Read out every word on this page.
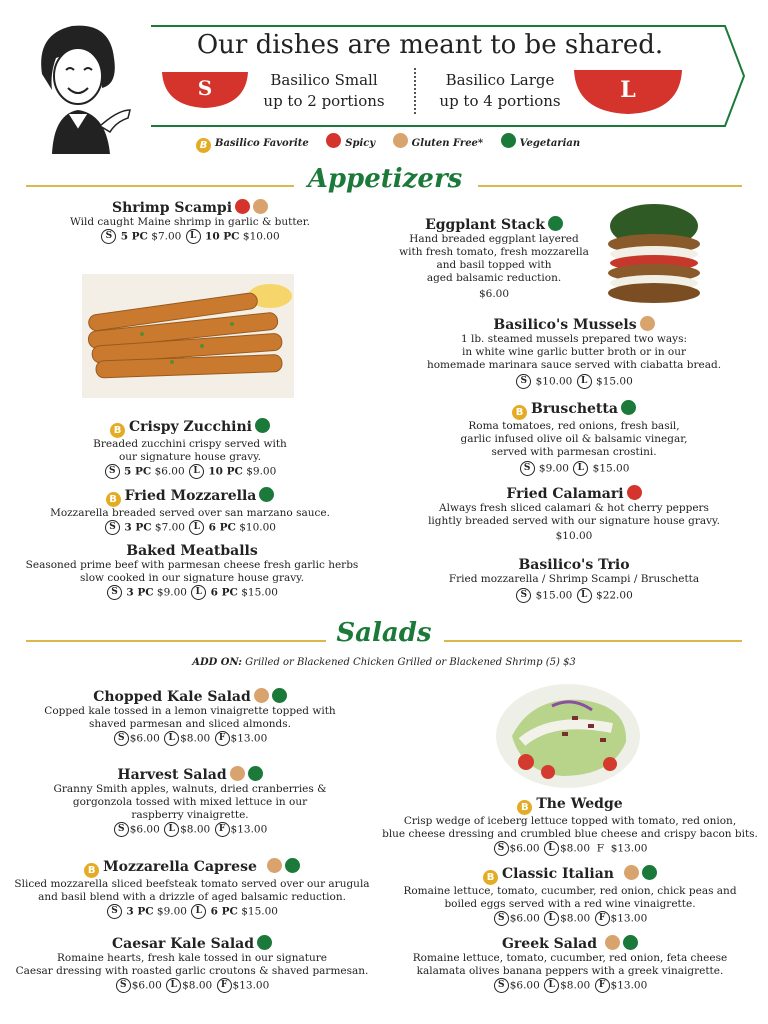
Our dishes are meant to be shared.
S	Basilico Small
up to 2 portions
Basilico Large
up to 4 portions	L
B Basilico Favorite	Spicy	Gluten Free*	Vegetarian
Appetizers
Shrimp Scampi
Wild caught Maine shrimp in garlic & butter.
S 5 PC $7.00 L 10 PC $10.00
B Crispy Zucchini
Breaded zucchini crispy served with
our signature house gravy.
S 5 PC $6.00 L 10 PC $9.00
B Fried Mozzarella
Mozzarella breaded served over san marzano sauce.
S 3 PC $7.00 L 6 PC $10.00
Baked Meatballs
Seasoned prime beef with parmesan cheese fresh garlic herbs
slow cooked in our signature house gravy.
S 3 PC $9.00 L 6 PC $15.00
Eggplant Stack
Hand breaded eggplant layered
with fresh tomato, fresh mozzarella
and basil topped with
aged balsamic reduction.
$6.00
Basilico's Mussels
1 lb. steamed mussels prepared two ways:
in white wine garlic butter broth or in our
homemade marinara sauce served with ciabatta bread.
S $10.00 L $15.00
B Bruschetta
Roma tomatoes, red onions, fresh basil,
garlic infused olive oil & balsamic vinegar,
served with parmesan crostini.
S $9.00 L $15.00
Fried Calamari
Always fresh sliced calamari & hot cherry peppers
lightly breaded served with our signature house gravy.
$10.00
Basilico's Trio
Fried mozzarella / Shrimp Scampi / Bruschetta
S $15.00 L $22.00
Salads
ADD ON: Grilled or Blackened Chicken Grilled or Blackened Shrimp (5) $3
Chopped Kale Salad
Copped kale tossed in a lemon vinaigrette topped with
shaved parmesan and sliced almonds.
S $6.00 L $8.00 F $13.00
Harvest Salad
Granny Smith apples, walnuts, dried cranberries &
gorgonzola tossed with mixed lettuce in our
raspberry vinaigrette.
S $6.00 L $8.00 F $13.00
B Mozzarella Caprese
Sliced mozzarella sliced beefsteak tomato served over our arugula
and basil blend with a drizzle of aged balsamic reduction.
S 3 PC $9.00 L 6 PC $15.00
Caesar Kale Salad
Romaine hearts, fresh kale tossed in our signature
Caesar dressing with roasted garlic croutons & shaved parmesan.
S $6.00 L $8.00 F $13.00
B The Wedge
Crisp wedge of iceberg lettuce topped with tomato, red onion,
blue cheese dressing and crumbled blue cheese and crispy bacon bits.
S $6.00 L $8.00 F $13.00
B Classic Italian
Romaine lettuce, tomato, cucumber, red onion, chick peas and
boiled eggs served with a red wine vinaigrette.
S $6.00 L $8.00 F $13.00
Greek Salad
Romaine lettuce, tomato, cucumber, red onion, feta cheese
kalamata olives banana peppers with a greek vinaigrette.
S $6.00 L $8.00 F $13.00
